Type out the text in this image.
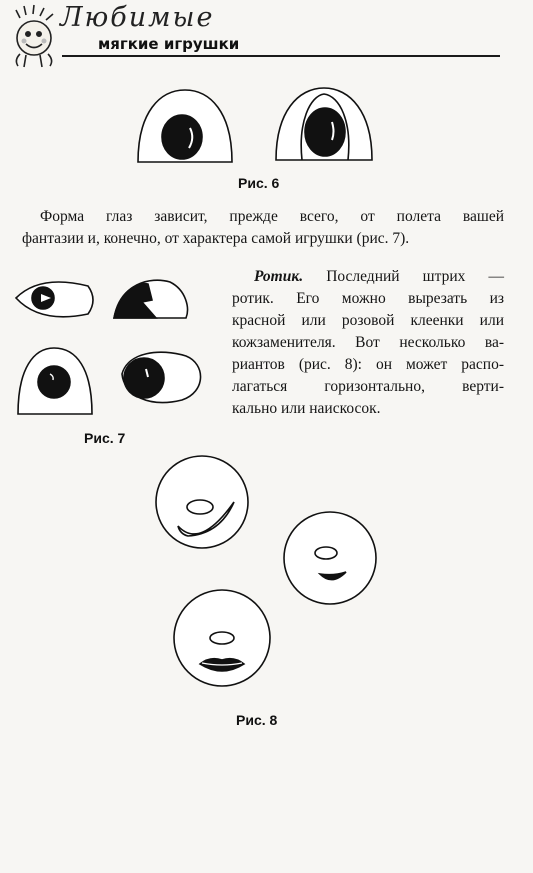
Любимые
мягкие игрушки
Рис. 6
Форма глаз зависит, прежде всего, от полета вашей
фантазии и, конечно, от характера самой игрушки (рис. 7).
Рис. 7
Ротик. Последний штрих —
ротик. Его можно вырезать из
красной или розовой клеенки или
кожзаменителя. Вот несколько ва-
риантов (рис. 8): он может распо-
лагаться горизонтально, верти-
кально или наискосок.
Рис. 8
